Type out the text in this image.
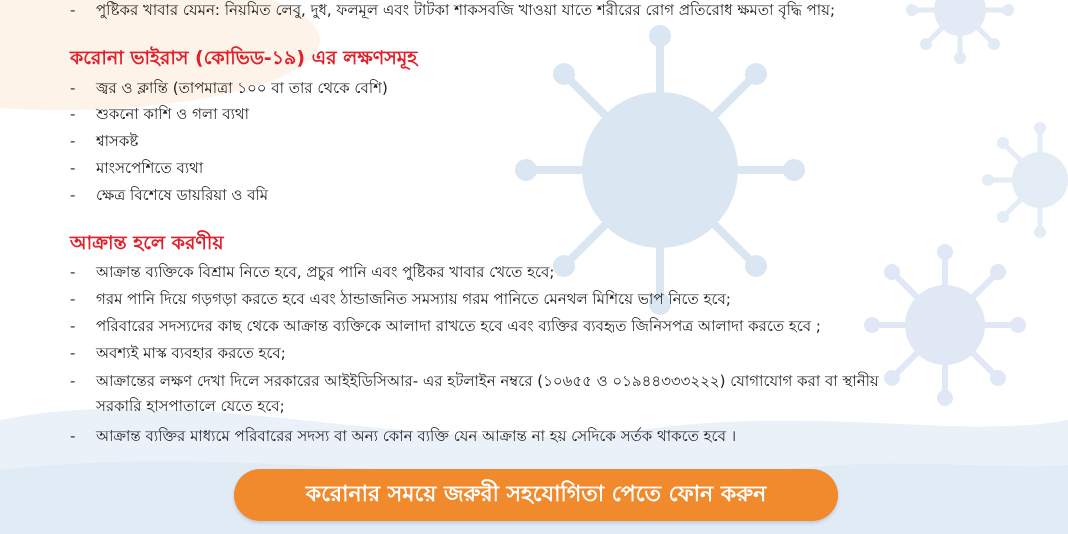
- পুষ্টিকর খাবার যেমন: নিয়মিত লেবু, দুধ, ফলমূল এবং টাটকা শাকসবজি খাওয়া যাতে শরীরের রোগ প্রতিরোধ ক্ষমতা বৃদ্ধি পায়;
করোনা ভাইরাস (কোভিড-১৯) এর লক্ষণসমূহ
- জ্বর ও ক্লান্তি (তাপমাত্রা ১০০ বা তার থেকে বেশি)
- শুকনো কাশি ও গলা ব্যথা
- শ্বাসকষ্ট
- মাংসপেশিতে ব্যথা
- ক্ষেত্র বিশেষে ডায়রিয়া ও বমি
আক্রান্ত হলে করণীয়
- আক্রান্ত ব্যক্তিকে বিশ্রাম নিতে হবে, প্রচুর পানি এবং পুষ্টিকর খাবার খেতে হবে;
- গরম পানি দিয়ে গড়গড়া করতে হবে এবং ঠান্ডাজনিত সমস্যায় গরম পানিতে মেনথল মিশিয়ে ভাপ নিতে হবে;
- পরিবারের সদস্যদের কাছ থেকে আক্রান্ত ব্যক্তিকে আলাদা রাখতে হবে এবং ব্যক্তির ব্যবহৃত জিনিসপত্র আলাদা করতে হবে ;
- অবশ্যই মাস্ক ব্যবহার করতে হবে;
- আক্রান্তের লক্ষণ দেখা দিলে সরকারের আইইডিসিআর- এর হটলাইন নম্বরে (১০৬৫৫ ও ০১৯৪৪৩৩৩২২২) যোগাযোগ করা বা স্থানীয়
সরকারি হাসপাতালে যেতে হবে;
- আক্রান্ত ব্যক্তির মাধ্যমে পরিবারের সদস্য বা অন্য কোন ব্যক্তি যেন আক্রান্ত না হয় সেদিকে সর্তক থাকতে হবে ।
করোনার সময়ে জরুরী সহযোগিতা পেতে ফোন করুন
